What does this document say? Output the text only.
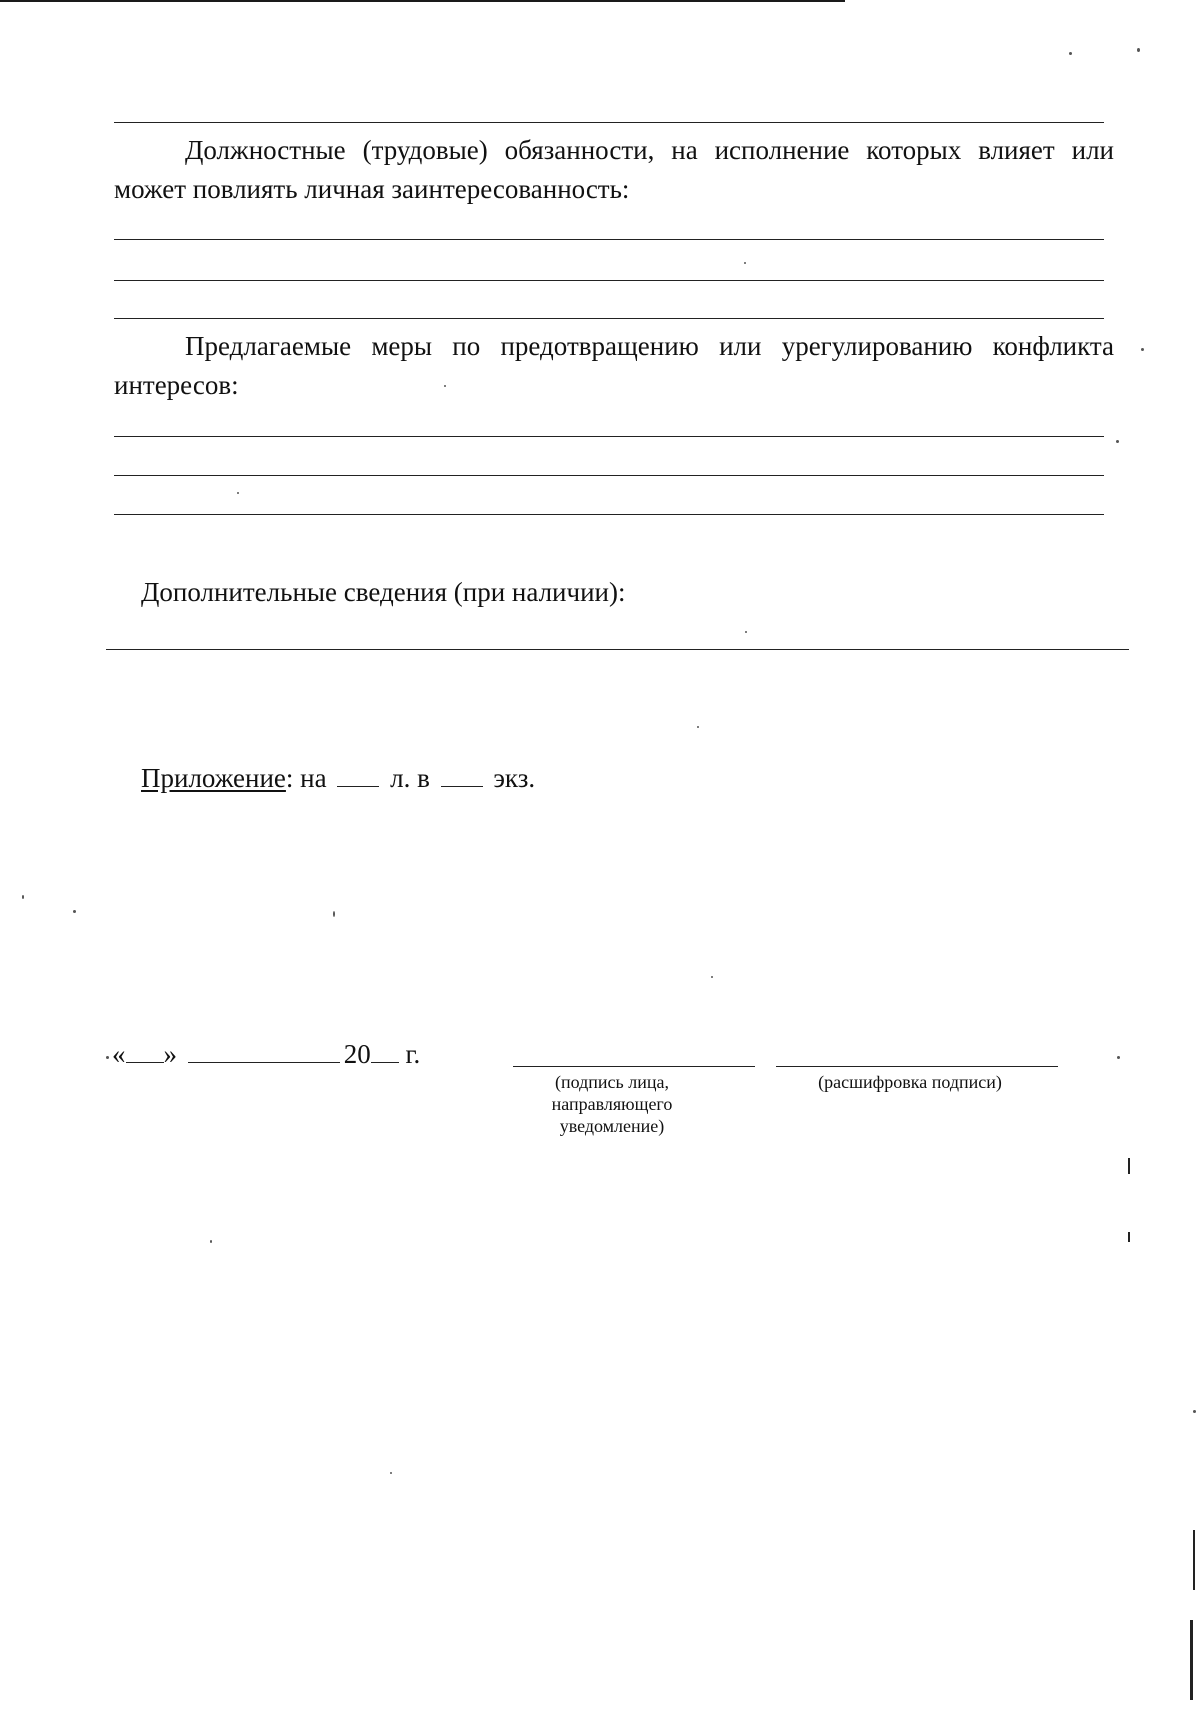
Должностные (трудовые) обязанности, на исполнение которых влияет или
может повлиять личная заинтересованность:
Предлагаемые меры по предотвращению или урегулированию конфликта
интересов:
Дополнительные сведения (при наличии):
Приложение: на л. в экз.
« »	20 г.
(подпись лица,
направляющего
уведомление)
(расшифровка подписи)
